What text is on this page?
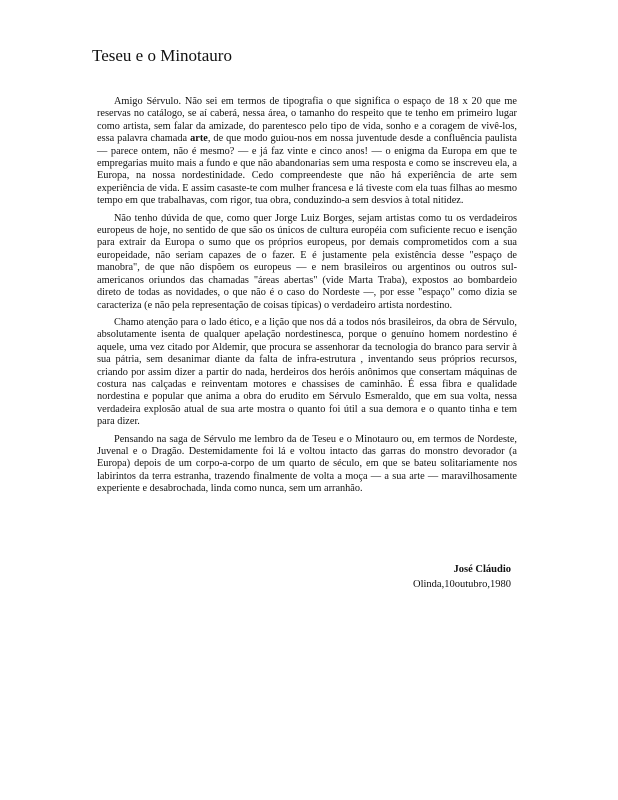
Teseu e o Minotauro

Amigo Sérvulo. Não sei em termos de tipografia o que significa o espaço de 18 x 20 que me reservas no catálogo, se aí caberá, nessa área, o tamanho do respeito que te tenho em primeiro lugar como artista, sem falar da amizade, do parentesco pelo tipo de vida, sonho e a coragem de vivê-los, essa palavra chamada arte, de que modo guiou-nos em nossa juventude desde a confluência paulista — parece ontem, não é mesmo? — e já faz vinte e cinco anos! — o enigma da Europa em que te empregarias muito mais a fundo e que não abandonarias sem uma resposta e como se inscreveu ela, a Europa, na nossa nordestinidade. Cedo compreendeste que não há experiência de arte sem experiência de vida. E assim casaste-te com mulher francesa e lá tiveste com ela tuas filhas ao mesmo tempo em que trabalhavas, com rigor, tua obra, conduzindo-a sem desvios à total nitidez.

Não tenho dúvida de que, como quer Jorge Luiz Borges, sejam artistas como tu os verdadeiros europeus de hoje, no sentido de que são os únicos de cultura européia com suficiente recuo e isenção para extrair da Europa o sumo que os próprios europeus, por demais comprometidos com a sua europeidade, não seriam capazes de o fazer. E é justamente pela existência desse "espaço de manobra", de que não dispõem os europeus — e nem brasileiros ou argentinos ou outros sul-americanos oriundos das chamadas "áreas abertas" (vide Marta Traba), expostos ao bombardeio direto de todas as novidades, o que não é o caso do Nordeste —, por esse "espaço" como dizia se caracteriza (e não pela representação de coisas típicas) o verdadeiro artista nordestino.

Chamo atenção para o lado ético, e a lição que nos dá a todos nós brasileiros, da obra de Sérvulo, absolutamente isenta de qualquer apelação nordestinesca, porque o genuíno homem nordestino é aquele, uma vez citado por Aldemir, que procura se assenhorar da tecnologia do branco para servir à sua pátria, sem desanimar diante da falta de infra-estrutura , inventando seus próprios recursos, criando por assim dizer a partir do nada, herdeiros dos heróis anônimos que consertam máquinas de costura nas calçadas e reinventam motores e chassises de caminhão. É essa fibra e qualidade nordestina e popular que anima a obra do erudito em Sérvulo Esmeraldo, que em sua volta, nessa verdadeira explosão atual de sua arte mostra o quanto foi útil a sua demora e o quanto tinha e tem para dizer.

Pensando na saga de Sérvulo me lembro da de Teseu e o Minotauro ou, em termos de Nordeste, Juvenal e o Dragão. Destemidamente foi lá e voltou intacto das garras do monstro devorador (a Europa) depois de um corpo-a-corpo de um quarto de século, em que se bateu solitariamente nos labirintos da terra estranha, trazendo finalmente de volta a moça — a sua arte — maravilhosamente experiente e desabrochada, linda como nunca, sem um arranhão.

José Cláudio
Olinda,10outubro,1980
